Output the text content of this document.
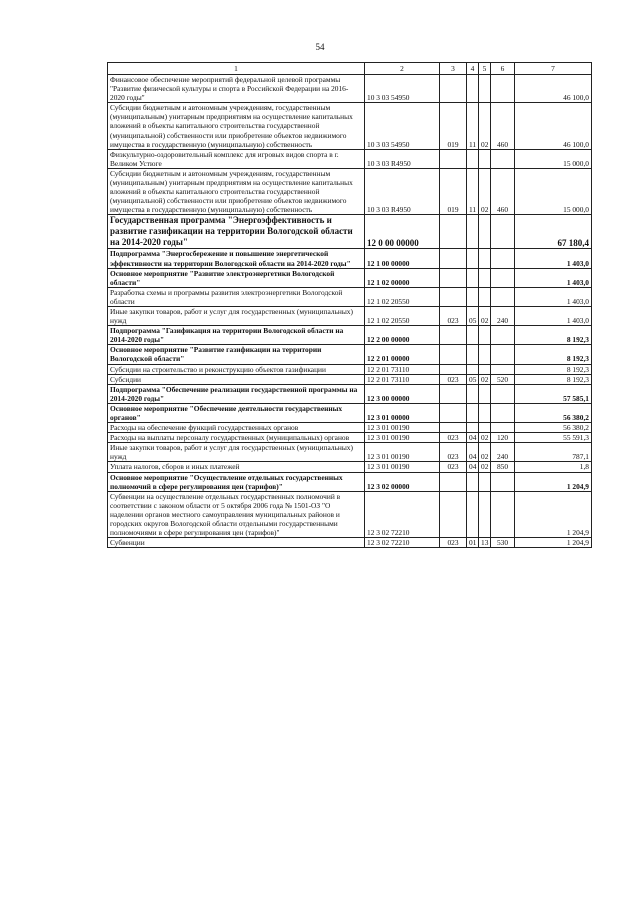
54
1	2	3	4	5	6	7
Финансовое обеспечение мероприятий федеральной целевой программы "Развитие физической культуры и спорта в Российской Федерации на 2016-2020 годы"	10 3 03 54950					46 100,0
Субсидии бюджетным и автономным учреждениям, государственным (муниципальным) унитарным предприятиям на осуществление капитальных вложений в объекты капитального строительства государственной (муниципальной) собственности или приобретение объектов недвижимого имущества в государственную (муниципальную) собственность	10 3 03 54950	019	11	02	460	46 100,0
Физкультурно-оздоровительный комплекс для игровых видов спорта в г. Великом Устюге	10 3 03 R4950					15 000,0
Субсидии бюджетным и автономным учреждениям, государственным (муниципальным) унитарным предприятиям на осуществление капитальных вложений в объекты капитального строительства государственной (муниципальной) собственности или приобретение объектов недвижимого имущества в государственную (муниципальную) собственность	10 3 03 R4950	019	11	02	460	15 000,0
Государственная программа "Энергоэффективность и развитие газификации на территории Вологодской области на 2014-2020 годы"	12 0 00 00000					67 180,4
Подпрограмма "Энергосбережение и повышение энергетической эффективности на территории Вологодской области на 2014-2020 годы"	12 1 00 00000					1 403,0
Основное мероприятие "Развитие электроэнергетики Вологодской области"	12 1 02 00000					1 403,0
Разработка схемы и программы развития электроэнергетики Вологодской области	12 1 02 20550					1 403,0
Иные закупки товаров, работ и услуг для государственных (муниципальных) нужд	12 1 02 20550	023	05	02	240	1 403,0
Подпрограмма "Газификация на территории Вологодской области на 2014-2020 годы"	12 2 00 00000					8 192,3
Основное мероприятие "Развитие газификации на территории Вологодской области"	12 2 01 00000					8 192,3
Субсидии на строительство и реконструкцию объектов газификации	12 2 01 73110					8 192,3
Субсидии	12 2 01 73110	023	05	02	520	8 192,3
Подпрограмма "Обеспечение реализации государственной программы на 2014-2020 годы"	12 3 00 00000					57 585,1
Основное мероприятие "Обеспечение деятельности государственных органов"	12 3 01 00000					56 380,2
Расходы на обеспечение функций государственных органов	12 3 01 00190					56 380,2
Расходы на выплаты персоналу государственных (муниципальных) органов	12 3 01 00190	023	04	02	120	55 591,3
Иные закупки товаров, работ и услуг для государственных (муниципальных) нужд	12 3 01 00190	023	04	02	240	787,1
Уплата налогов, сборов и иных платежей	12 3 01 00190	023	04	02	850	1,8
Основное мероприятие "Осуществление отдельных государственных полномочий в сфере регулирования цен (тарифов)"	12 3 02 00000					1 204,9
Субвенции на осуществление отдельных государственных полномочий в соответствии с законом области от 5 октября 2006 года № 1501-ОЗ "О наделении органов местного самоуправления муниципальных районов и городских округов Вологодской области отдельными государственными полномочиями в сфере регулирования цен (тарифов)"	12 3 02 72210					1 204,9
Субвенции	12 3 02 72210	023	01	13	530	1 204,9
